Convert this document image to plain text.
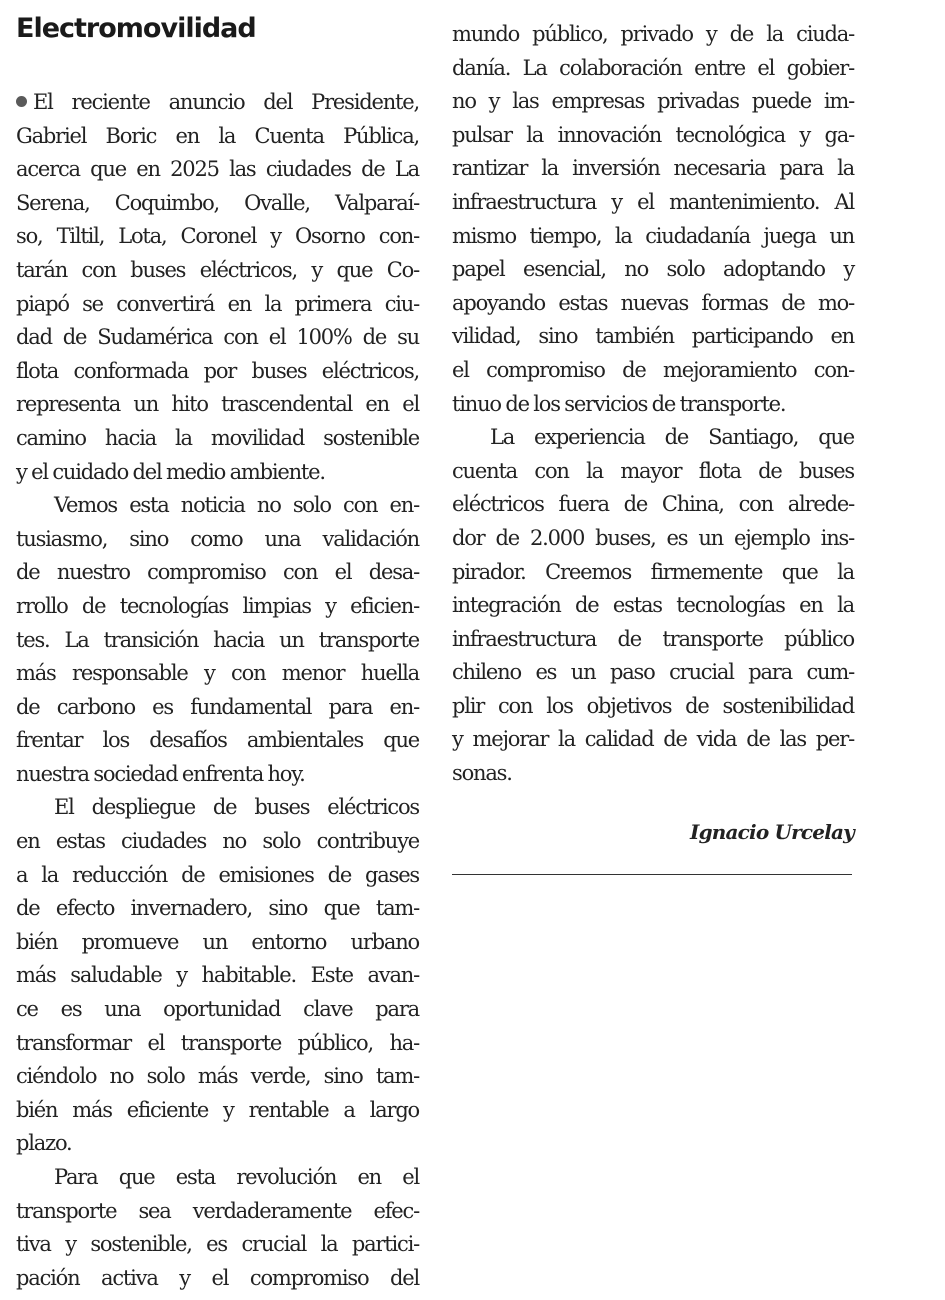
Electromovilidad
El reciente anuncio del Presidente,
Gabriel Boric en la Cuenta Pública,
acerca que en 2025 las ciudades de La
Serena, Coquimbo, Ovalle, Valparaí-
so, Tiltil, Lota, Coronel y Osorno con-
tarán con buses eléctricos, y que Co-
piapó se convertirá en la primera ciu-
dad de Sudamérica con el 100% de su
flota conformada por buses eléctricos,
representa un hito trascendental en el
camino hacia la movilidad sostenible
y el cuidado del medio ambiente.
Vemos esta noticia no solo con en-
tusiasmo, sino como una validación
de nuestro compromiso con el desa-
rrollo de tecnologías limpias y eficien-
tes. La transición hacia un transporte
más responsable y con menor huella
de carbono es fundamental para en-
frentar los desafíos ambientales que
nuestra sociedad enfrenta hoy.
El despliegue de buses eléctricos
en estas ciudades no solo contribuye
a la reducción de emisiones de gases
de efecto invernadero, sino que tam-
bién promueve un entorno urbano
más saludable y habitable. Este avan-
ce es una oportunidad clave para
transformar el transporte público, ha-
ciéndolo no solo más verde, sino tam-
bién más eficiente y rentable a largo
plazo.
Para que esta revolución en el
transporte sea verdaderamente efec-
tiva y sostenible, es crucial la partici-
pación activa y el compromiso del
mundo público, privado y de la ciuda-
danía. La colaboración entre el gobier-
no y las empresas privadas puede im-
pulsar la innovación tecnológica y ga-
rantizar la inversión necesaria para la
infraestructura y el mantenimiento. Al
mismo tiempo, la ciudadanía juega un
papel esencial, no solo adoptando y
apoyando estas nuevas formas de mo-
vilidad, sino también participando en
el compromiso de mejoramiento con-
tinuo de los servicios de transporte.
La experiencia de Santiago, que
cuenta con la mayor flota de buses
eléctricos fuera de China, con alrede-
dor de 2.000 buses, es un ejemplo ins-
pirador. Creemos firmemente que la
integración de estas tecnologías en la
infraestructura de transporte público
chileno es un paso crucial para cum-
plir con los objetivos de sostenibilidad
y mejorar la calidad de vida de las per-
sonas.
Ignacio Urcelay
